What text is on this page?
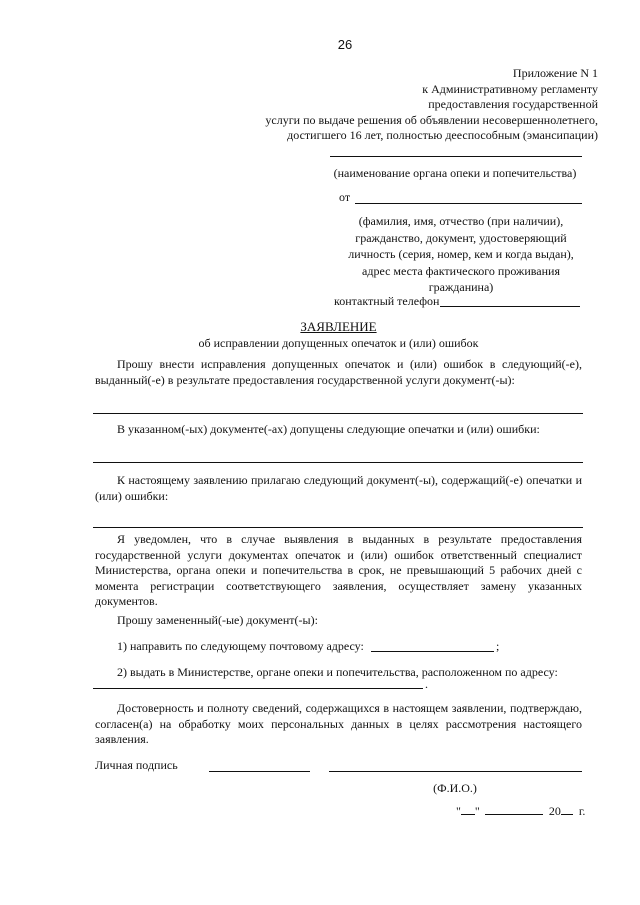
26
Приложение N 1
к Административному регламенту
предоставления государственной
услуги по выдаче решения об объявлении несовершеннолетнего,
достигшего 16 лет, полностью дееспособным (эмансипации)
(наименование органа опеки и попечительства)
от
(фамилия, имя, отчество (при наличии),
гражданство, документ, удостоверяющий
личность (серия, номер, кем и когда выдан),
адрес места фактического проживания
гражданина)
контактный телефон
ЗАЯВЛЕНИЕ
об исправлении допущенных опечаток и (или) ошибок
Прошу внести исправления допущенных опечаток и (или) ошибок в следующий(-е), выданный(-е) в результате предоставления государственной услуги документ(-ы):
В указанном(-ых) документе(-ах) допущены следующие опечатки и (или) ошибки:
К настоящему заявлению прилагаю следующий документ(-ы), содержащий(-е) опечатки и (или) ошибки:
Я уведомлен, что в случае выявления в выданных в результате предоставления государственной услуги документах опечаток и (или) ошибок ответственный специалист Министерства, органа опеки и попечительства в срок, не превышающий 5 рабочих дней с момента регистрации соответствующего заявления, осуществляет замену указанных документов.
Прошу замененный(-ые) документ(-ы):
1) направить по следующему почтовому адресу:	;
2) выдать в Министерстве, органе опеки и попечительства, расположенном по адресу:
.
Достоверность и полноту сведений, содержащихся в настоящем заявлении, подтверждаю, согласен(а) на обработку моих персональных данных в целях рассмотрения настоящего заявления.
Личная подпись
(Ф.И.О.)
" "	20 г.
